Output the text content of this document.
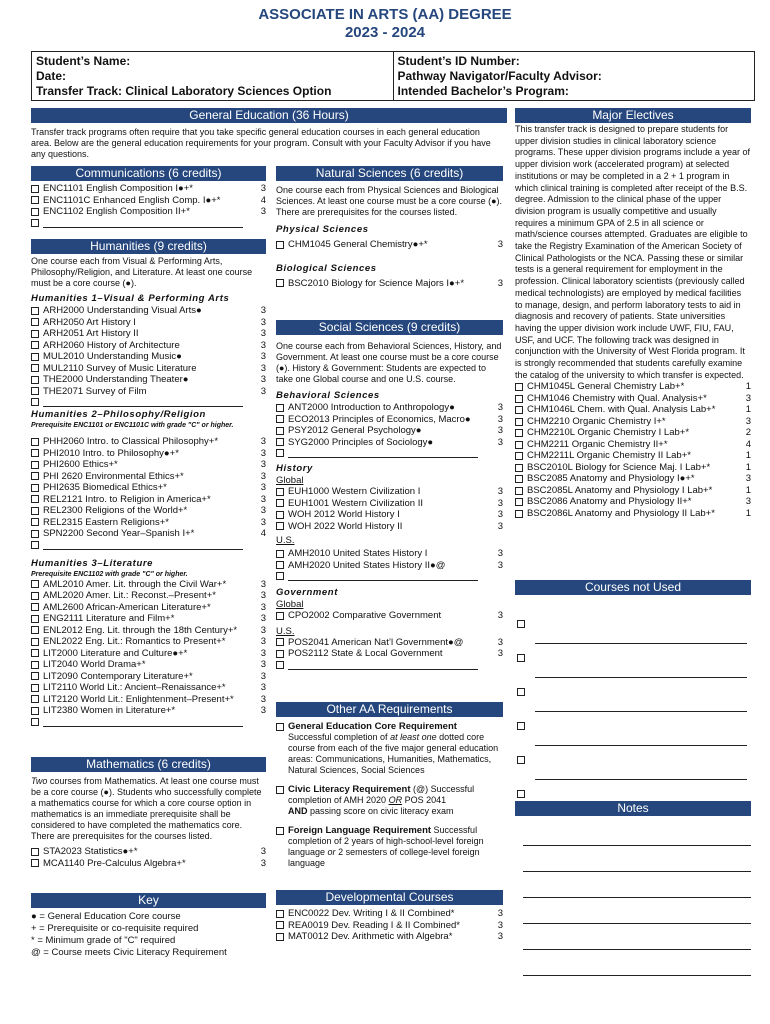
ASSOCIATE IN ARTS (AA) DEGREE
2023 - 2024
Student’s Name:
Date:
Transfer Track: Clinical Laboratory Sciences Option
Student’s ID Number:
Pathway Navigator/Faculty Advisor:
Intended Bachelor’s Program:
General Education (36 Hours)
Transfer track programs often require that you take specific general education courses in each general education area. Below are the general education requirements for your program. Consult with your Faculty Advisor if you have any questions.
Communications (6 credits)
ENC1101 English Composition I●+*	3
ENC1101C Enhanced English Comp. I●+*	4
ENC1102 English Composition II+*	3
Humanities (9 credits)
One course each from Visual & Performing Arts, Philosophy/Religion, and Literature. At least one course must be a core course (●).
Humanities 1–Visual & Performing Arts
ARH2000 Understanding Visual Arts●	3
ARH2050 Art History I	3
ARH2051 Art History II	3
ARH2060 History of Architecture	3
MUL2010 Understanding Music●	3
MUL2110 Survey of Music Literature	3
THE2000 Understanding Theater●	3
THE2071 Survey of Film	3
Humanities 2–Philosophy/Religion
Prerequisite ENC1101 or ENC1101C with grade "C" or higher.
PHH2060 Intro. to Classical Philosophy+*	3
PHI2010 Intro. to Philosophy●+*	3
PHI2600 Ethics+*	3
PHI 2620 Environmental Ethics+*	3
PHI2635 Biomedical Ethics+*	3
REL2121 Intro. to Religion in America+*	3
REL2300 Religions of the World+*	3
REL2315 Eastern Religions+*	3
SPN2200 Second Year–Spanish I+*	4
Humanities 3–Literature
Prerequisite ENC1102 with grade "C" or higher.
AML2010 Amer. Lit. through the Civil War+*	3
AML2020 Amer. Lit.: Reconst.–Present+*	3
AML2600 African-American Literature+*	3
ENG2111 Literature and Film+*	3
ENL2012 Eng. Lit. through the 18th Century+*	3
ENL2022 Eng. Lit.: Romantics to Present+*	3
LIT2000 Literature and Culture●+*	3
LIT2040 World Drama+*	3
LIT2090 Contemporary Literature+*	3
LIT2110 World Lit.: Ancient–Renaissance+*	3
LIT2120 World Lit.: Enlightenment–Present+*	3
LIT2380 Women in Literature+*	3
Mathematics (6 credits)
Two courses from Mathematics. At least one course must be a core course (●). Students who successfully complete a mathematics course for which a core course option in mathematics is an immediate prerequisite shall be considered to have completed the mathematics core. There are prerequisites for the courses listed.
STA2023 Statistics●+*	3
MCA1140 Pre-Calculus Algebra+*	3
Key
● = General Education Core course
+ = Prerequisite or co-requisite required
* = Minimum grade of "C" required
@ = Course meets Civic Literacy Requirement
Natural Sciences (6 credits)
One course each from Physical Sciences and Biological Sciences. At least one course must be a core course (●). There are prerequisites for the courses listed.
Physical Sciences
CHM1045 General Chemistry●+*	3
Biological Sciences
BSC2010 Biology for Science Majors I●+*	3
Social Sciences (9 credits)
One course each from Behavioral Sciences, History, and Government. At least one course must be a core course (●). History & Government: Students are expected to take one Global course and one U.S. course.
Behavioral Sciences
ANT2000 Introduction to Anthropology●	3
ECO2013 Principles of Economics, Macro●	3
PSY2012 General Psychology●	3
SYG2000 Principles of Sociology●	3
History
Global
EUH1000 Western Civilization I	3
EUH1001 Western Civilization II	3
WOH 2012 World History I	3
WOH 2022 World History II	3
U.S.
AMH2010 United States History I	3
AMH2020 United States History II●@	3
Government
Global
CPO2002 Comparative Government	3
U.S.
POS2041 American Nat’l Government●@	3
POS2112 State & Local Government	3
Other AA Requirements
General Education Core Requirement
Successful completion of at least one dotted core course from each of the five major general education areas: Communications, Humanities, Mathematics, Natural Sciences, Social Sciences
Civic Literacy Requirement (@) Successful completion of AMH 2020 OR POS 2041
AND passing score on civic literacy exam
Foreign Language Requirement Successful completion of 2 years of high-school-level foreign language or 2 semesters of college-level foreign language
Developmental Courses
ENC0022 Dev. Writing I & II Combined*	3
REA0019 Dev. Reading I & II Combined*	3
MAT0012 Dev. Arithmetic with Algebra*	3
Major Electives
This transfer track is designed to prepare students for upper division studies in clinical laboratory science programs. These upper division programs include a year of upper division work (accelerated program) at selected institutions or may be completed in a 2 + 1 program in which clinical training is completed after receipt of the B.S. degree. Admission to the clinical phase of the upper division program is usually competitive and usually requires a minimum GPA of 2.5 in all science or math/science courses attempted. Graduates are eligible to take the Registry Examination of the American Society of Clinical Pathologists or the NCA. Passing these or similar tests is a general requirement for employment in the profession. Clinical laboratory scientists (previously called medical technologists) are employed by medical facilities to manage, design, and perform laboratory tests to aid in diagnosis and recovery of patients. State universities having the upper division work include UWF, FIU, FAU, USF, and UCF. The following track was designed in conjunction with the University of West Florida program. It is strongly recommended that students carefully examine the catalog of the university to which transfer is expected.
CHM1045L General Chemistry Lab+*	1
CHM1046 Chemistry with Qual. Analysis+*	3
CHM1046L Chem. with Qual. Analysis Lab+*	1
CHM2210 Organic Chemistry I+*	3
CHM2210L Organic Chemistry I Lab+*	2
CHM2211 Organic Chemistry II+*	4
CHM2211L Organic Chemistry II Lab+*	1
BSC2010L Biology for Science Maj. I Lab+*	1
BSC2085 Anatomy and Physiology I●+*	3
BSC2085L Anatomy and Physiology I Lab+*	1
BSC2086 Anatomy and Physiology II+*	3
BSC2086L Anatomy and Physiology II Lab+*	1
Courses not Used
Notes
